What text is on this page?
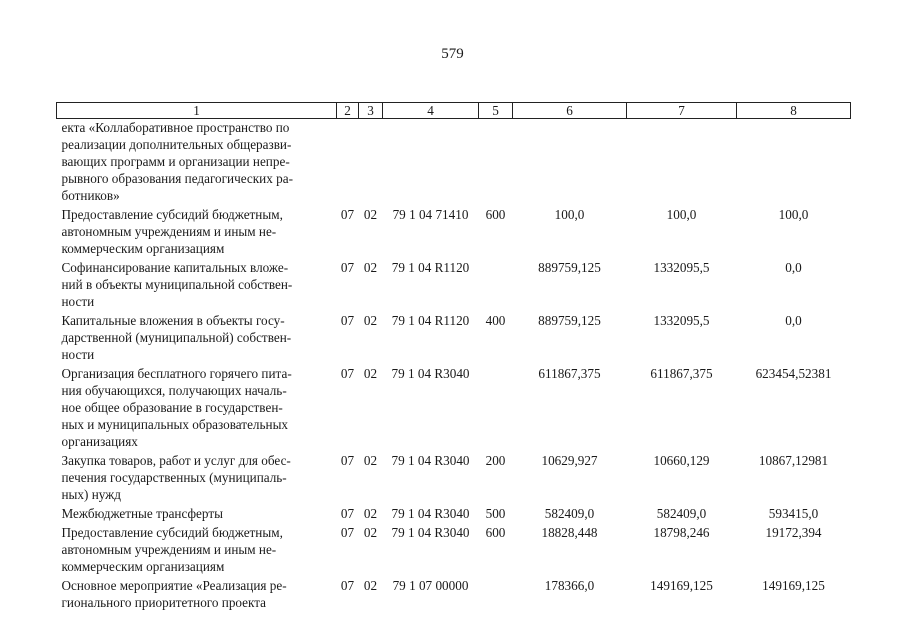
579
1	2	3	4	5	6	7	8

екта «Коллаборативное пространство по
реализации дополнительных общеразви-
вающих программ и организации непре-
рывного образования педагогических ра-
ботников»							

Предоставление субсидий бюджетным,
автономным учреждениям и иным не-
коммерческим организациям	07	02	79 1 04 71410	600	100,0	100,0	100,0

Софинансирование капитальных вложе-
ний в объекты муниципальной собствен-
ности	07	02	79 1 04 R1120		889759,125	1332095,5	0,0

Капитальные вложения в объекты госу-
дарственной (муниципальной) собствен-
ности	07	02	79 1 04 R1120	400	889759,125	1332095,5	0,0

Организация бесплатного горячего пита-
ния обучающихся, получающих началь-
ное общее образование в государствен-
ных и муниципальных образовательных
организациях	07	02	79 1 04 R3040		611867,375	611867,375	623454,52381

Закупка товаров, работ и услуг для обес-
печения государственных (муниципаль-
ных) нужд	07	02	79 1 04 R3040	200	10629,927	10660,129	10867,12981

Межбюджетные трансферты	07	02	79 1 04 R3040	500	582409,0	582409,0	593415,0

Предоставление субсидий бюджетным,
автономным учреждениям и иным не-
коммерческим организациям	07	02	79 1 04 R3040	600	18828,448	18798,246	19172,394

Основное мероприятие «Реализация ре-
гионального приоритетного проекта	07	02	79 1 07 00000		178366,0	149169,125	149169,125
